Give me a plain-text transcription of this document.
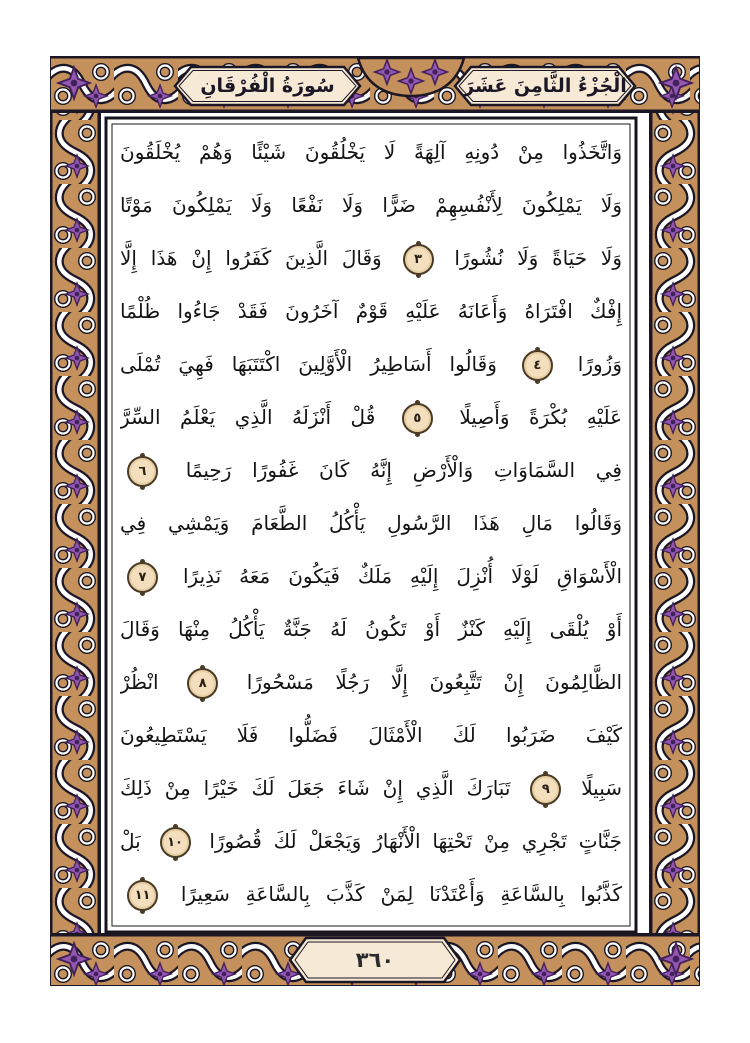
الْجُزْءُ الثَّامِنَ عَشَرَ
سُورَةُ الْفُرْقَانِ
وَاتَّخَذُوا مِنْ دُونِهِ آلِهَةً لَا يَخْلُقُونَ شَيْئًا وَهُمْ يُخْلَقُونَ
وَلَا يَمْلِكُونَ لِأَنْفُسِهِمْ ضَرًّا وَلَا نَفْعًا وَلَا يَمْلِكُونَ مَوْتًا
وَلَا حَيَاةً وَلَا نُشُورًا ٣ وَقَالَ الَّذِينَ كَفَرُوا إِنْ هَذَا إِلَّا
إِفْكٌ افْتَرَاهُ وَأَعَانَهُ عَلَيْهِ قَوْمٌ آخَرُونَ فَقَدْ جَاءُوا ظُلْمًا
وَزُورًا ٤ وَقَالُوا أَسَاطِيرُ الْأَوَّلِينَ اكْتَتَبَهَا فَهِيَ تُمْلَى
عَلَيْهِ بُكْرَةً وَأَصِيلًا ٥ قُلْ أَنْزَلَهُ الَّذِي يَعْلَمُ السِّرَّ
فِي السَّمَاوَاتِ وَالْأَرْضِ إِنَّهُ كَانَ غَفُورًا رَحِيمًا ٦
وَقَالُوا مَالِ هَذَا الرَّسُولِ يَأْكُلُ الطَّعَامَ وَيَمْشِي فِي
الْأَسْوَاقِ لَوْلَا أُنْزِلَ إِلَيْهِ مَلَكٌ فَيَكُونَ مَعَهُ نَذِيرًا ٧
أَوْ يُلْقَى إِلَيْهِ كَنْزٌ أَوْ تَكُونُ لَهُ جَنَّةٌ يَأْكُلُ مِنْهَا وَقَالَ
الظَّالِمُونَ إِنْ تَتَّبِعُونَ إِلَّا رَجُلًا مَسْحُورًا ٨ انْظُرْ
كَيْفَ ضَرَبُوا لَكَ الْأَمْثَالَ فَضَلُّوا فَلَا يَسْتَطِيعُونَ
سَبِيلًا ٩ تَبَارَكَ الَّذِي إِنْ شَاءَ جَعَلَ لَكَ خَيْرًا مِنْ ذَلِكَ
جَنَّاتٍ تَجْرِي مِنْ تَحْتِهَا الْأَنْهَارُ وَيَجْعَلْ لَكَ قُصُورًا ١٠ بَلْ
كَذَّبُوا بِالسَّاعَةِ وَأَعْتَدْنَا لِمَنْ كَذَّبَ بِالسَّاعَةِ سَعِيرًا ١١
٣٦٠
